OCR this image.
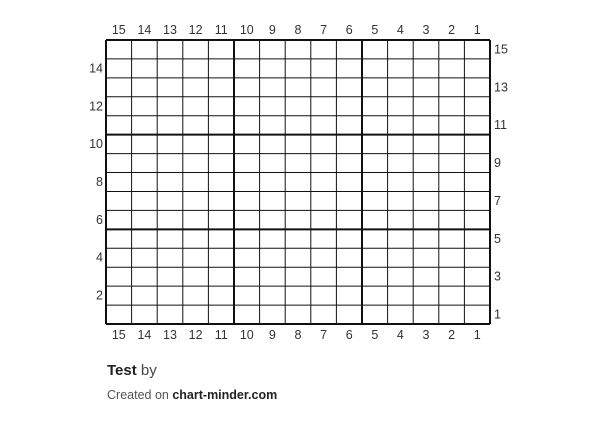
15 14 13 12 11 10 9 8 7 6 5 4 3 2 1
15 14 13 12 11 10 9 8 7 6 5 4 3 2 1
15
13
11
9
7
5
3
1
14
12
10
8
6
4
2
Test by
Created on chart-minder.com
